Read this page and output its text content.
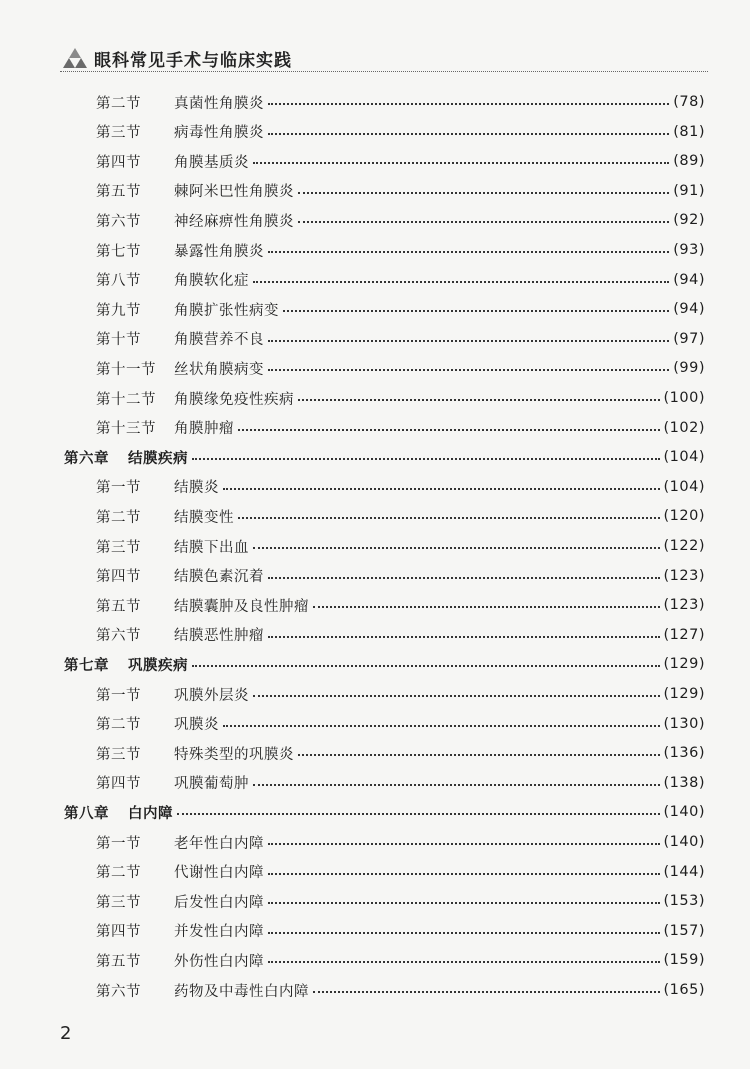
眼科常见手术与临床实践
第二节	真菌性角膜炎	(78)
第三节	病毒性角膜炎	(81)
第四节	角膜基质炎	(89)
第五节	棘阿米巴性角膜炎	(91)
第六节	神经麻痹性角膜炎	(92)
第七节	暴露性角膜炎	(93)
第八节	角膜软化症	(94)
第九节	角膜扩张性病变	(94)
第十节	角膜营养不良	(97)
第十一节	丝状角膜病变	(99)
第十二节	角膜缘免疫性疾病	(100)
第十三节	角膜肿瘤	(102)
第六章	结膜疾病	(104)
第一节	结膜炎	(104)
第二节	结膜变性	(120)
第三节	结膜下出血	(122)
第四节	结膜色素沉着	(123)
第五节	结膜囊肿及良性肿瘤	(123)
第六节	结膜恶性肿瘤	(127)
第七章	巩膜疾病	(129)
第一节	巩膜外层炎	(129)
第二节	巩膜炎	(130)
第三节	特殊类型的巩膜炎	(136)
第四节	巩膜葡萄肿	(138)
第八章	白内障	(140)
第一节	老年性白内障	(140)
第二节	代谢性白内障	(144)
第三节	后发性白内障	(153)
第四节	并发性白内障	(157)
第五节	外伤性白内障	(159)
第六节	药物及中毒性白内障	(165)
2
